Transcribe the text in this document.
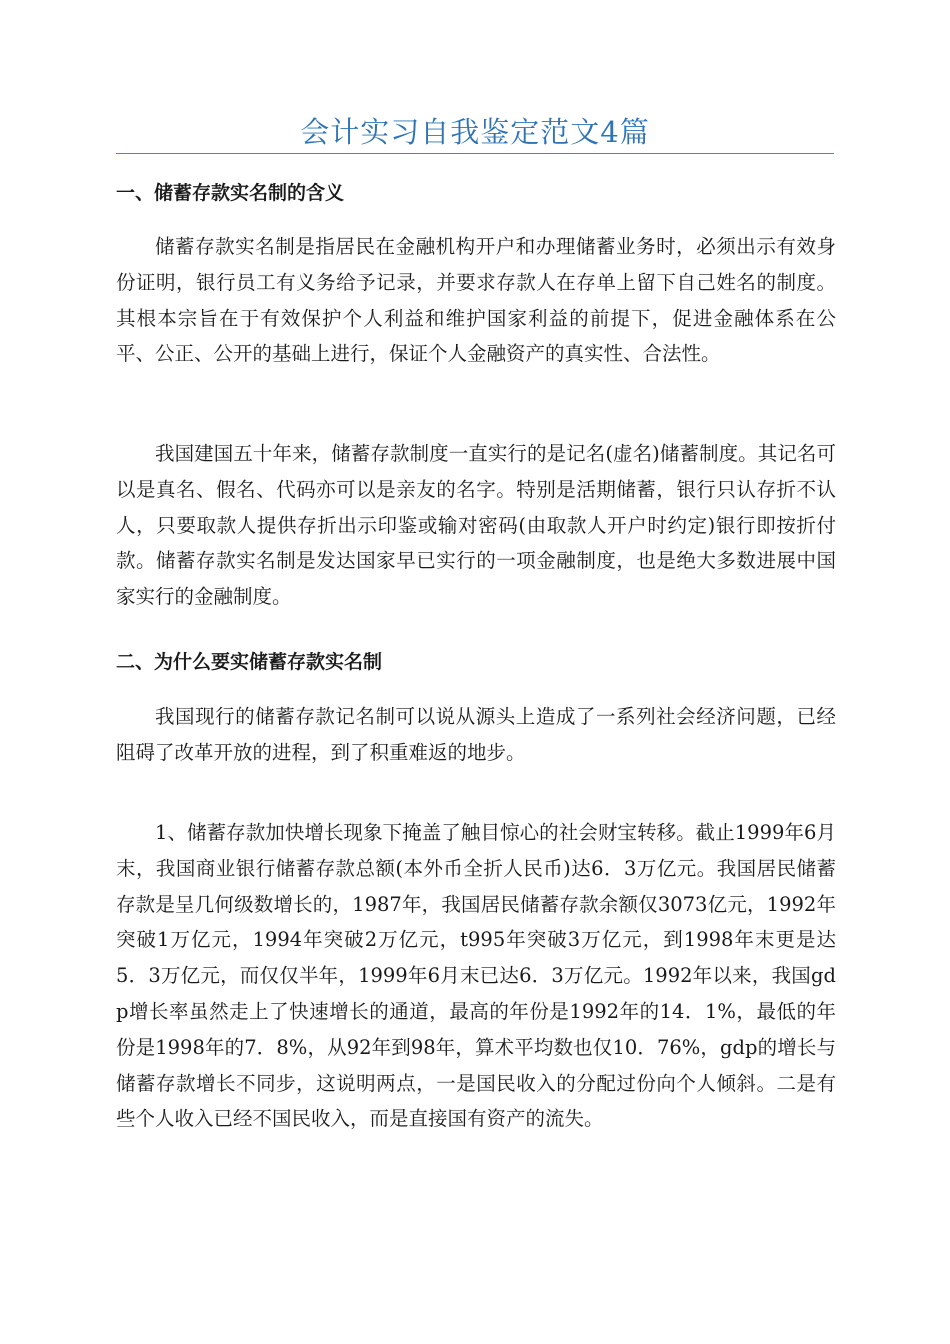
会计实习自我鉴定范文4篇
一、储蓄存款实名制的含义

储蓄存款实名制是指居民在金融机构开户和办理储蓄业务时，必须出示有效身份证明，银行员工有义务给予记录，并要求存款人在存单上留下自己姓名的制度。其根本宗旨在于有效保护个人利益和维护国家利益的前提下，促进金融体系在公平、公正、公开的基础上进行，保证个人金融资产的真实性、合法性。

我国建国五十年来，储蓄存款制度一直实行的是记名(虚名)储蓄制度。其记名可以是真名、假名、代码亦可以是亲友的名字。特别是活期储蓄，银行只认存折不认人，只要取款人提供存折出示印鉴或输对密码(由取款人开户时约定)银行即按折付款。储蓄存款实名制是发达国家早已实行的一项金融制度，也是绝大多数进展中国家实行的金融制度。

二、为什么要实储蓄存款实名制

我国现行的储蓄存款记名制可以说从源头上造成了一系列社会经济问题，已经阻碍了改革开放的进程，到了积重难返的地步。

1、储蓄存款加快增长现象下掩盖了触目惊心的社会财宝转移。截止1999年6月末，我国商业银行储蓄存款总额(本外币全折人民币)达6．3万亿元。我国居民储蓄存款是呈几何级数增长的，1987年，我国居民储蓄存款余额仅3073亿元，1992年突破1万亿元，1994年突破2万亿元，t995年突破3万亿元，到1998年末更是达5．3万亿元，而仅仅半年，1999年6月末已达6．3万亿元。1992年以来，我国gdp增长率虽然走上了快速增长的通道，最高的年份是1992年的14．1%，最低的年份是1998年的7．8%，从92年到98年，算术平均数也仅10．76%，gdp的增长与储蓄存款增长不同步，这说明两点，一是国民收入的分配过份向个人倾斜。二是有些个人收入已经不国民收入，而是直接国有资产的流失。
